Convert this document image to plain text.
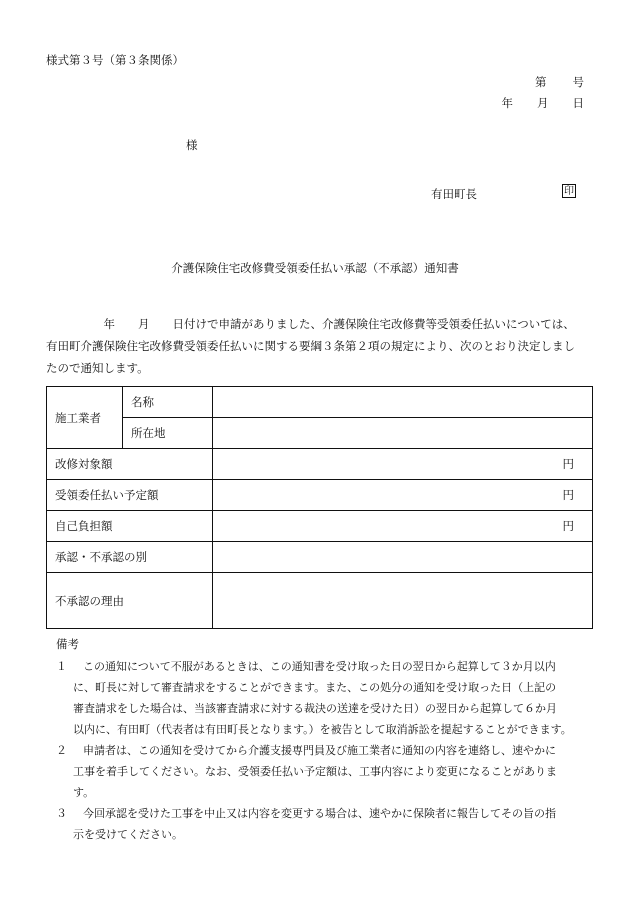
様式第３号（第３条関係）
第 号
年 月 日
様
有田町長	印
介護保険住宅改修費受領委任払い承認（不承認）通知書
　　　　　年　　月　　日付けで申請がありました、介護保険住宅改修費等受領委任払いについては、
有田町介護保険住宅改修費受領委任払いに関する要綱３条第２項の規定により、次のとおり決定しまし
たので通知します。
施工業者	名称	
	所在地	
改修対象額		円
受領委任払い予定額		円
自己負担額		円
承認・不承認の別		
不承認の理由		
備考
１ この通知について不服があるときは、この通知書を受け取った日の翌日から起算して３か月以内
に、町長に対して審査請求をすることができます。また、この処分の通知を受け取った日（上記の
審査請求をした場合は、当該審査請求に対する裁決の送達を受けた日）の翌日から起算して６か月
以内に、有田町（代表者は有田町長となります。）を被告として取消訴訟を提起することができます。
２ 申請者は、この通知を受けてから介護支援専門員及び施工業者に通知の内容を連絡し、速やかに
工事を着手してください。なお、受領委任払い予定額は、工事内容により変更になることがありま
す。
３ 今回承認を受けた工事を中止又は内容を変更する場合は、速やかに保険者に報告してその旨の指
示を受けてください。
